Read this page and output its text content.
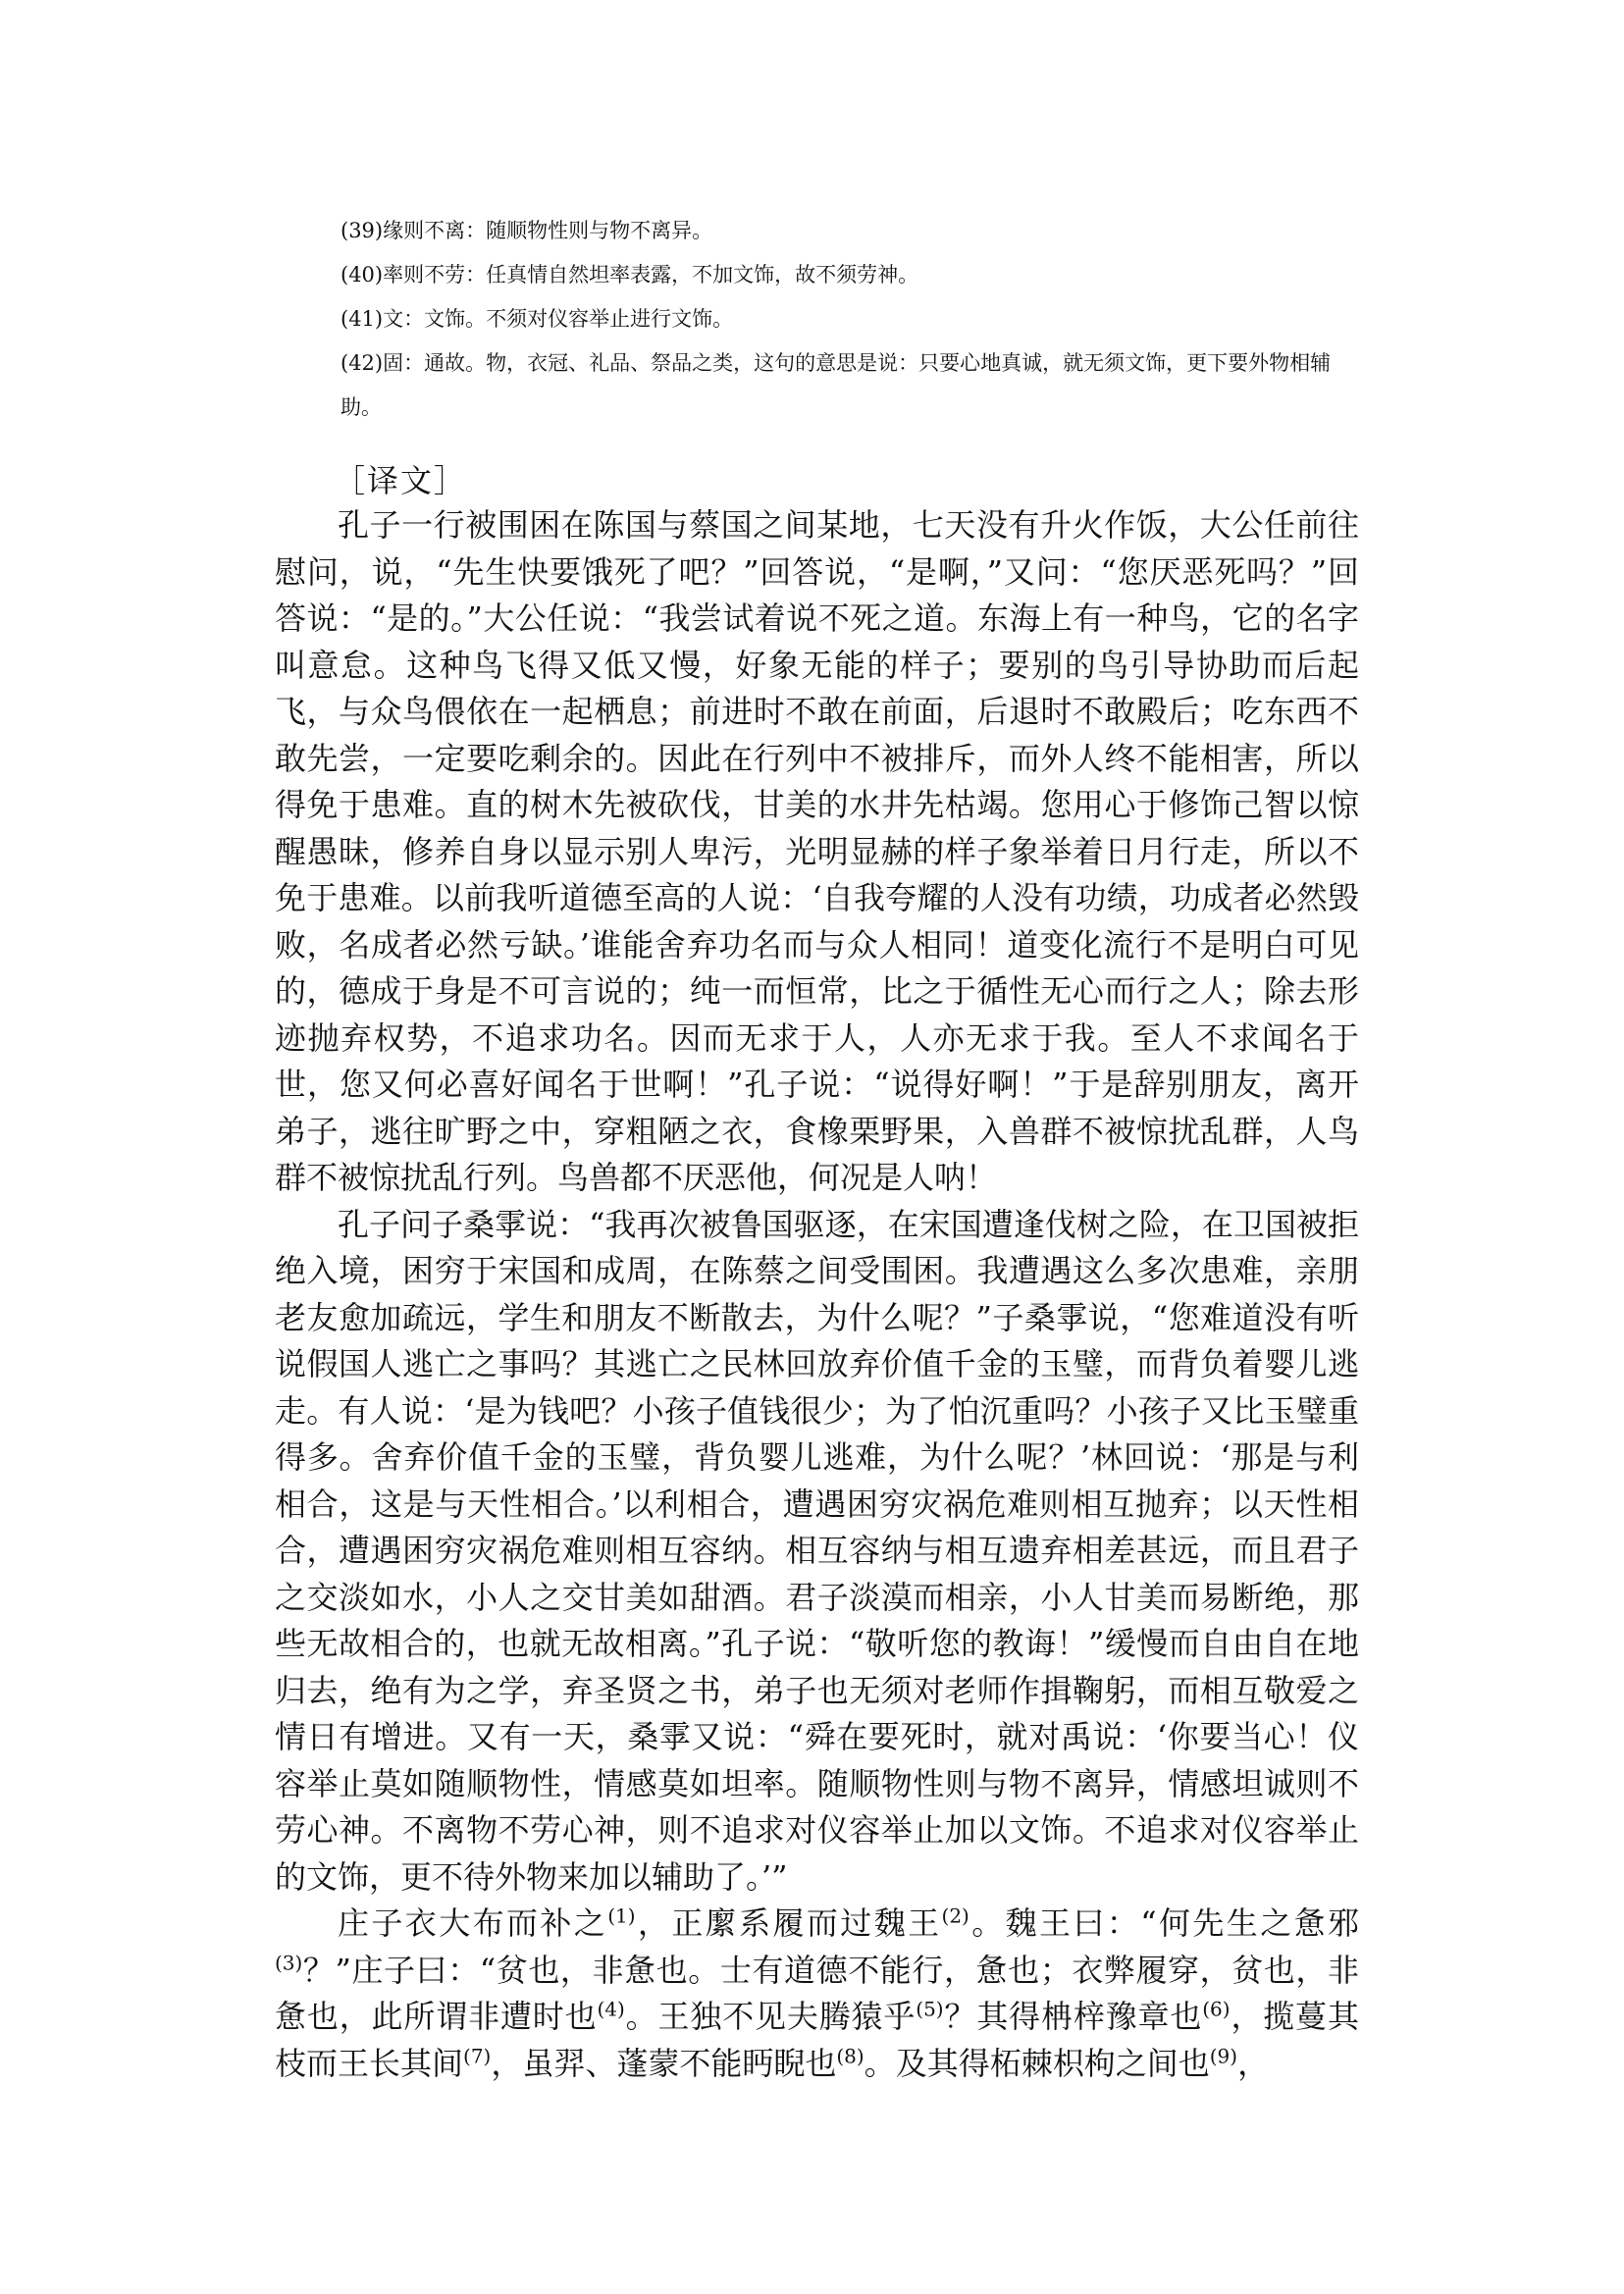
(39)缘则不离：随顺物性则与物不离异。

(40)率则不劳：任真情自然坦率表露，不加文饰，故不须劳神。

(41)文：文饰。不须对仪容举止进行文饰。

(42)固：通故。物，衣冠、礼品、祭品之类，这句的意思是说：只要心地真诚，就无须文饰，更下要外物相辅助。

［译文］

孔子一行被围困在陈国与蔡国之间某地，七天没有升火作饭，大公任前往慰问，说，“先生快要饿死了吧？”回答说，“是啊，”又问：“您厌恶死吗？”回答说：“是的。”大公任说：“我尝试着说不死之道。东海上有一种鸟，它的名字叫意怠。这种鸟飞得又低又慢，好象无能的样子；要别的鸟引导协助而后起飞，与众鸟偎依在一起栖息；前进时不敢在前面，后退时不敢殿后；吃东西不敢先尝，一定要吃剩余的。因此在行列中不被排斥，而外人终不能相害，所以得免于患难。直的树木先被砍伐，甘美的水井先枯竭。您用心于修饰己智以惊醒愚昧，修养自身以显示别人卑污，光明显赫的样子象举着日月行走，所以不免于患难。以前我听道德至高的人说：‘自我夸耀的人没有功绩，功成者必然毁败，名成者必然亏缺。’谁能舍弃功名而与众人相同！道变化流行不是明白可见的，德成于身是不可言说的；纯一而恒常，比之于循性无心而行之人；除去形迹抛弃权势，不追求功名。因而无求于人，人亦无求于我。至人不求闻名于世，您又何必喜好闻名于世啊！”孔子说：“说得好啊！”于是辞别朋友，离开弟子，逃往旷野之中，穿粗陋之衣，食橡栗野果，入兽群不被惊扰乱群，人鸟群不被惊扰乱行列。鸟兽都不厌恶他，何况是人呐！

孔子问子桑雽说：“我再次被鲁国驱逐，在宋国遭逢伐树之险，在卫国被拒绝入境，困穷于宋国和成周，在陈蔡之间受围困。我遭遇这么多次患难，亲朋老友愈加疏远，学生和朋友不断散去，为什么呢？”子桑雽说，“您难道没有听说假国人逃亡之事吗？其逃亡之民林回放弃价值千金的玉璧，而背负着婴儿逃走。有人说：‘是为钱吧？小孩子值钱很少；为了怕沉重吗？小孩子又比玉璧重得多。舍弃价值千金的玉璧，背负婴儿逃难，为什么呢？’林回说：‘那是与利相合，这是与天性相合。’以利相合，遭遇困穷灾祸危难则相互抛弃；以天性相合，遭遇困穷灾祸危难则相互容纳。相互容纳与相互遗弃相差甚远，而且君子之交淡如水，小人之交甘美如甜酒。君子淡漠而相亲，小人甘美而易断绝，那些无故相合的，也就无故相离。”孔子说：“敬听您的教诲！”缓慢而自由自在地归去，绝有为之学，弃圣贤之书，弟子也无须对老师作揖鞠躬，而相互敬爱之情日有增进。又有一天，桑雽又说：“舜在要死时，就对禹说：‘你要当心！仪容举止莫如随顺物性，情感莫如坦率。随顺物性则与物不离异，情感坦诚则不劳心神。不离物不劳心神，则不追求对仪容举止加以文饰。不追求对仪容举止的文饰，更不待外物来加以辅助了。’”

庄子衣大布而补之$^{(1)}$，正緳系履而过魏王$^{(2)}$。魏王曰：“何先生之惫邪$^{(3)}$？”庄子曰：“贫也，非惫也。士有道德不能行，惫也；衣弊履穿，贫也，非惫也，此所谓非遭时也$^{(4)}$。王独不见夫腾猿乎$^{(5)}$？其得柟梓豫章也$^{(6)}$，揽蔓其枝而王长其间$^{(7)}$，虽羿、蓬蒙不能眄睨也$^{(8)}$。及其得柘棘枳枸之间也$^{(9)}$，
